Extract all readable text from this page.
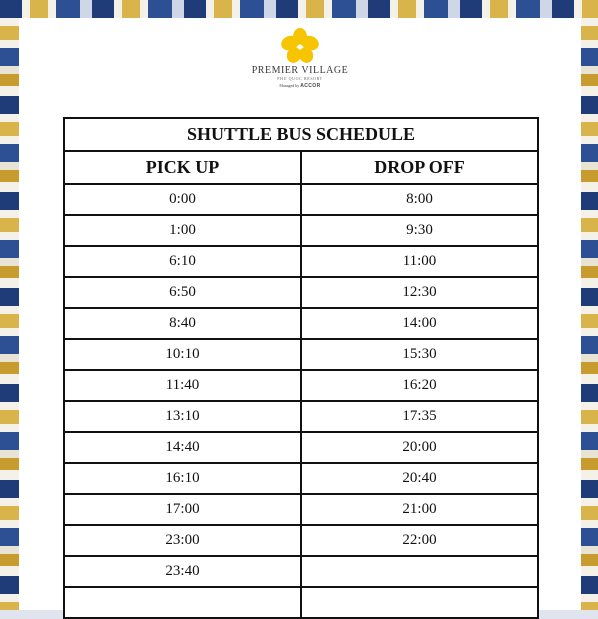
PREMIER VILLAGE
PHU QUOC RESORT
Managed by ACCOR
SHUTTLE BUS SCHEDULE	
PICK UP	DROP OFF
0:00	8:00
1:00	9:30
6:10	11:00
6:50	12:30
8:40	14:00
10:10	15:30
11:40	16:20
13:10	17:35
14:40	20:00
16:10	20:40
17:00	21:00
23:00	22:00
23:40	
